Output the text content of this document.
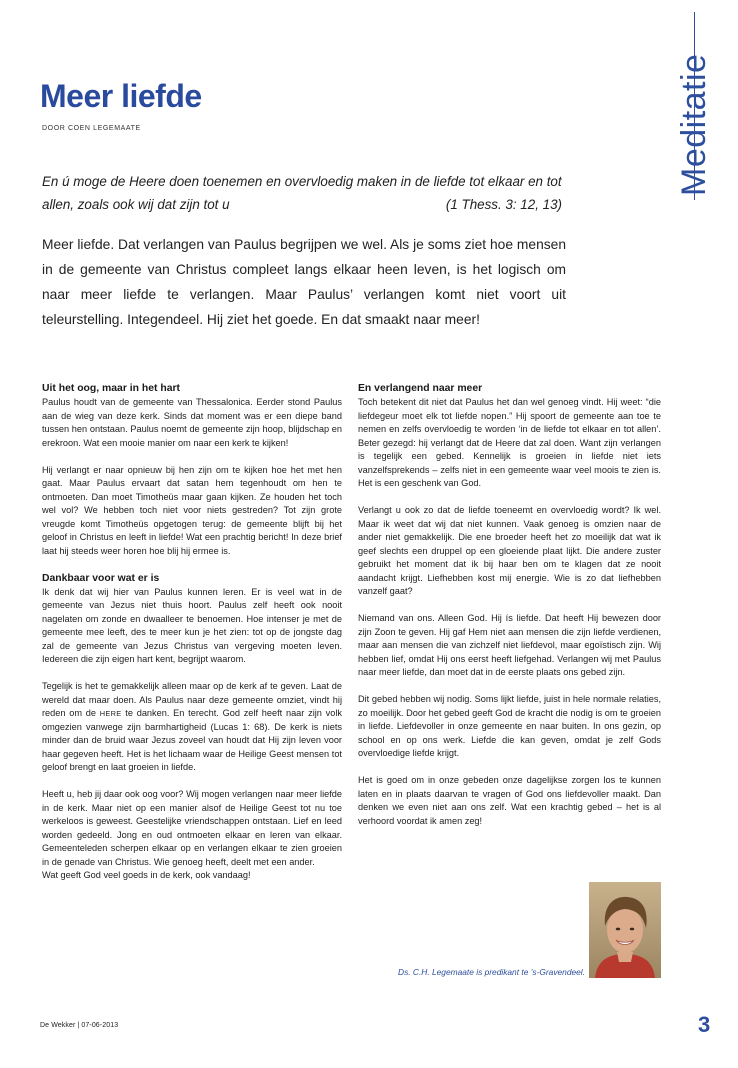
Meditatie
Meer liefde
DOOR COEN LEGEMAATE
En ú moge de Heere doen toenemen en overvloedig maken in de liefde tot elkaar en tot
allen, zoals ook wij dat zijn tot u	(1 Thess. 3: 12, 13)
Meer liefde. Dat verlangen van Paulus begrijpen we wel. Als je soms ziet hoe mensen in de gemeente van Christus compleet langs elkaar heen leven, is het logisch om naar meer liefde te verlangen. Maar Paulus’ verlangen komt niet voort uit teleurstelling. Integendeel. Hij ziet het goede. En dat smaakt naar meer!
Uit het oog, maar in het hart

Paulus houdt van de gemeente van Thessalonica. Eerder stond Paulus aan de wieg van deze kerk. Sinds dat moment was er een diepe band tussen hen ontstaan. Paulus noemt de gemeente zijn hoop, blijdschap en erekroon. Wat een mooie manier om naar een kerk te kijken!

Hij verlangt er naar opnieuw bij hen zijn om te kijken hoe het met hen gaat. Maar Paulus ervaart dat satan hem tegenhoudt om hen te ontmoeten. Dan moet Timotheüs maar gaan kijken. Ze houden het toch wel vol? We hebben toch niet voor niets gestreden? Tot zijn grote vreugde komt Timotheüs opgetogen terug: de gemeente blijft bij het geloof in Christus en leeft in liefde! Wat een prachtig bericht! In deze brief laat hij steeds weer horen hoe blij hij ermee is.

Dankbaar voor wat er is

Ik denk dat wij hier van Paulus kunnen leren. Er is veel wat in de gemeente van Jezus niet thuis hoort. Paulus zelf heeft ook nooit nagelaten om zonde en dwaalleer te benoemen. Hoe intenser je met de gemeente mee leeft, des te meer kun je het zien: tot op de jongste dag zal de gemeente van Jezus Christus van vergeving moeten leven. Iedereen die zijn eigen hart kent, begrijpt waarom.

Tegelijk is het te gemakkelijk alleen maar op de kerk af te geven. Laat de wereld dat maar doen. Als Paulus naar deze gemeente omziet, vindt hij reden om de HERE te danken. En terecht. God zelf heeft naar zijn volk omgezien vanwege zijn barmhartigheid (Lucas 1: 68). De kerk is niets minder dan de bruid waar Jezus zoveel van houdt dat Hij zijn leven voor haar gegeven heeft. Het is het lichaam waar de Heilige Geest mensen tot geloof brengt en laat groeien in liefde.

Heeft u, heb jij daar ook oog voor? Wij mogen verlangen naar meer liefde in de kerk. Maar niet op een manier alsof de Heilige Geest tot nu toe werkeloos is geweest. Geestelijke vriendschappen ontstaan. Lief en leed worden gedeeld. Jong en oud ontmoeten elkaar en leren van elkaar. Gemeenteleden scherpen elkaar op en verlangen elkaar te zien groeien in de genade van Christus. Wie genoeg heeft, deelt met een ander.

Wat geeft God veel goeds in de kerk, ook vandaag!

En verlangend naar meer

Toch betekent dit niet dat Paulus het dan wel genoeg vindt. Hij weet: “die liefdegeur moet elk tot liefde nopen.” Hij spoort de gemeente aan toe te nemen en zelfs overvloedig te worden ‘in de liefde tot elkaar en tot allen’. Beter gezegd: hij verlangt dat de Heere dat zal doen. Want zijn verlangen is tegelijk een gebed. Kennelijk is groeien in liefde niet iets vanzelfsprekends – zelfs niet in een gemeente waar veel moois te zien is. Het is een geschenk van God.

Verlangt u ook zo dat de liefde toeneemt en overvloedig wordt? Ik wel. Maar ik weet dat wij dat niet kunnen. Vaak genoeg is omzien naar de ander niet gemakkelijk. Die ene broeder heeft het zo moeilijk dat wat ik geef slechts een druppel op een gloeiende plaat lijkt. Die andere zuster gebruikt het moment dat ik bij haar ben om te klagen dat ze nooit aandacht krijgt. Liefhebben kost mij energie. Wie is zo dat liefhebben vanzelf gaat?

Niemand van ons. Alleen God. Hij ís liefde. Dat heeft Hij bewezen door zijn Zoon te geven. Hij gaf Hem niet aan mensen die zijn liefde verdienen, maar aan mensen die van zichzelf niet liefdevol, maar egoïstisch zijn. Wij hebben lief, omdat Hij ons eerst heeft liefgehad. Verlangen wij met Paulus naar meer liefde, dan moet dat in de eerste plaats ons gebed zijn.

Dit gebed hebben wij nodig. Soms lijkt liefde, juist in hele normale relaties, zo moeilijk. Door het gebed geeft God de kracht die nodig is om te groeien in liefde. Liefdevoller in onze gemeente en naar buiten. In ons gezin, op school en op ons werk. Liefde die kan geven, omdat je zelf Gods overvloedige liefde krijgt.

Het is goed om in onze gebeden onze dagelijkse zorgen los te kunnen laten en in plaats daarvan te vragen of God ons liefdevoller maakt. Dan denken we even niet aan ons zelf. Wat een krachtig gebed – het is al verhoord voordat ik amen zeg!

Ds. C.H. Legemaate is predikant te ’s-Gravendeel.
De Wekker | 07-06-2013	3
